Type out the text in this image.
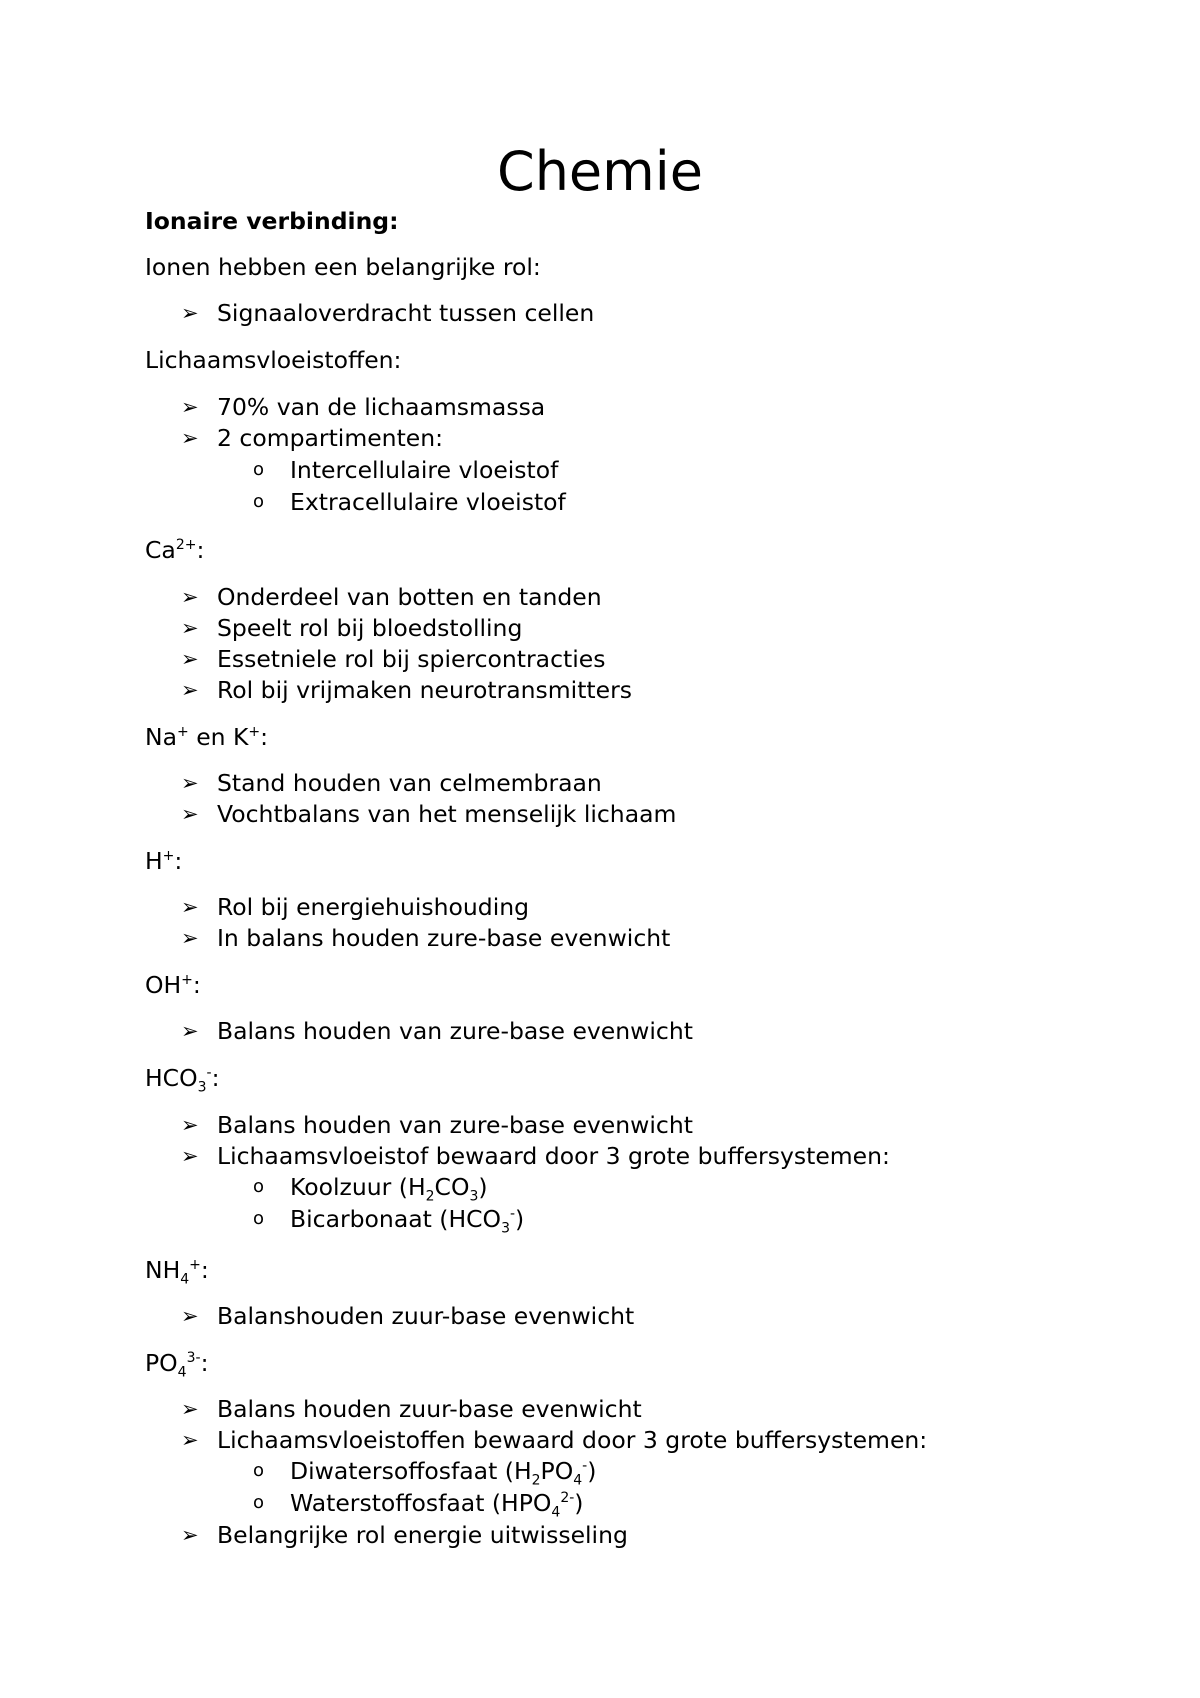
Chemie
Ionaire verbinding:
Ionen hebben een belangrijke rol:
➢ Signaaloverdracht tussen cellen
Lichaamsvloeistoffen:
➢ 70% van de lichaamsmassa
➢ 2 compartimenten:
o Intercellulaire vloeistof
o Extracellulaire vloeistof
$Ca^{2+}$:
➢ Onderdeel van botten en tanden
➢ Speelt rol bij bloedstolling
➢ Essetniele rol bij spiercontracties
➢ Rol bij vrijmaken neurotransmitters
Na+ en K+:
➢ Stand houden van celmembraan
➢ Vochtbalans van het menselijk lichaam
H+:
➢ Rol bij energiehuishouding
➢ In balans houden zure-base evenwicht
OH+:
➢ Balans houden van zure-base evenwicht
$HCO_3^-$:
➢ Balans houden van zure-base evenwicht
➢ Lichaamsvloeistof bewaard door 3 grote buffersystemen:
o Koolzuur $(H_2CO_3)$
o Bicarbonaat $(HCO_3^-)$
$NH_4^+$:
➢ Balanshouden zuur-base evenwicht
$PO_4^{3-}$:
➢ Balans houden zuur-base evenwicht
➢ Lichaamsvloeistoffen bewaard door 3 grote buffersystemen:
o Diwatersoffosfaat $(H_2PO_4^-)$
o Waterstoffosfaat $(HPO_4^{2-})$
➢ Belangrijke rol energie uitwisseling
